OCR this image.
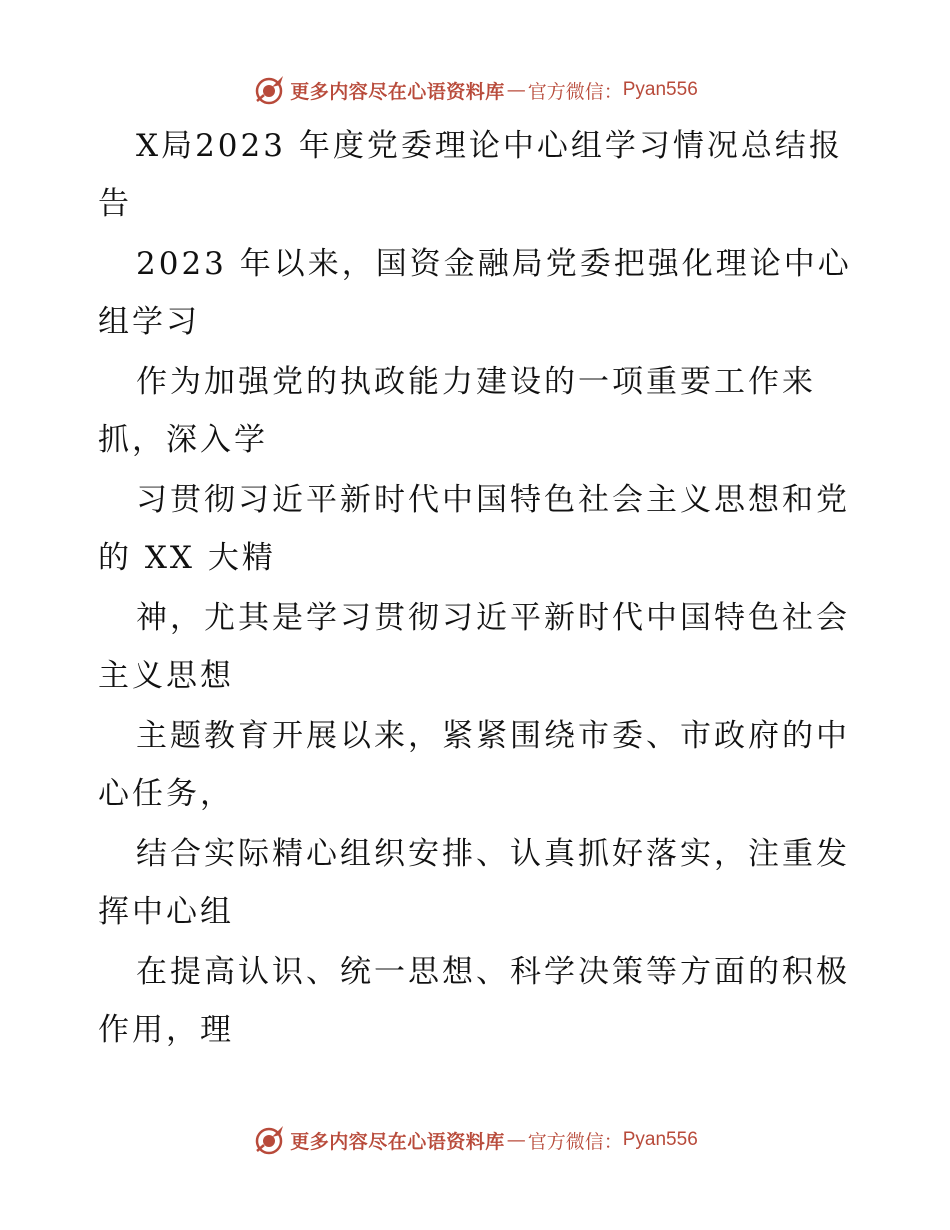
更多内容尽在心语资料库 — 官方微信： Pyan556
X局2023 年度党委理论中心组学习情况总结报
告
2023 年以来，国资金融局党委把强化理论中心
组学习
作为加强党的执政能力建设的一项重要工作来
抓，深入学
习贯彻习近平新时代中国特色社会主义思想和党
的 XX 大精
神，尤其是学习贯彻习近平新时代中国特色社会
主义思想
主题教育开展以来，紧紧围绕市委、市政府的中
心任务，
结合实际精心组织安排、认真抓好落实，注重发
挥中心组
在提高认识、统一思想、科学决策等方面的积极
作用，理
更多内容尽在心语资料库 — 官方微信： Pyan556
